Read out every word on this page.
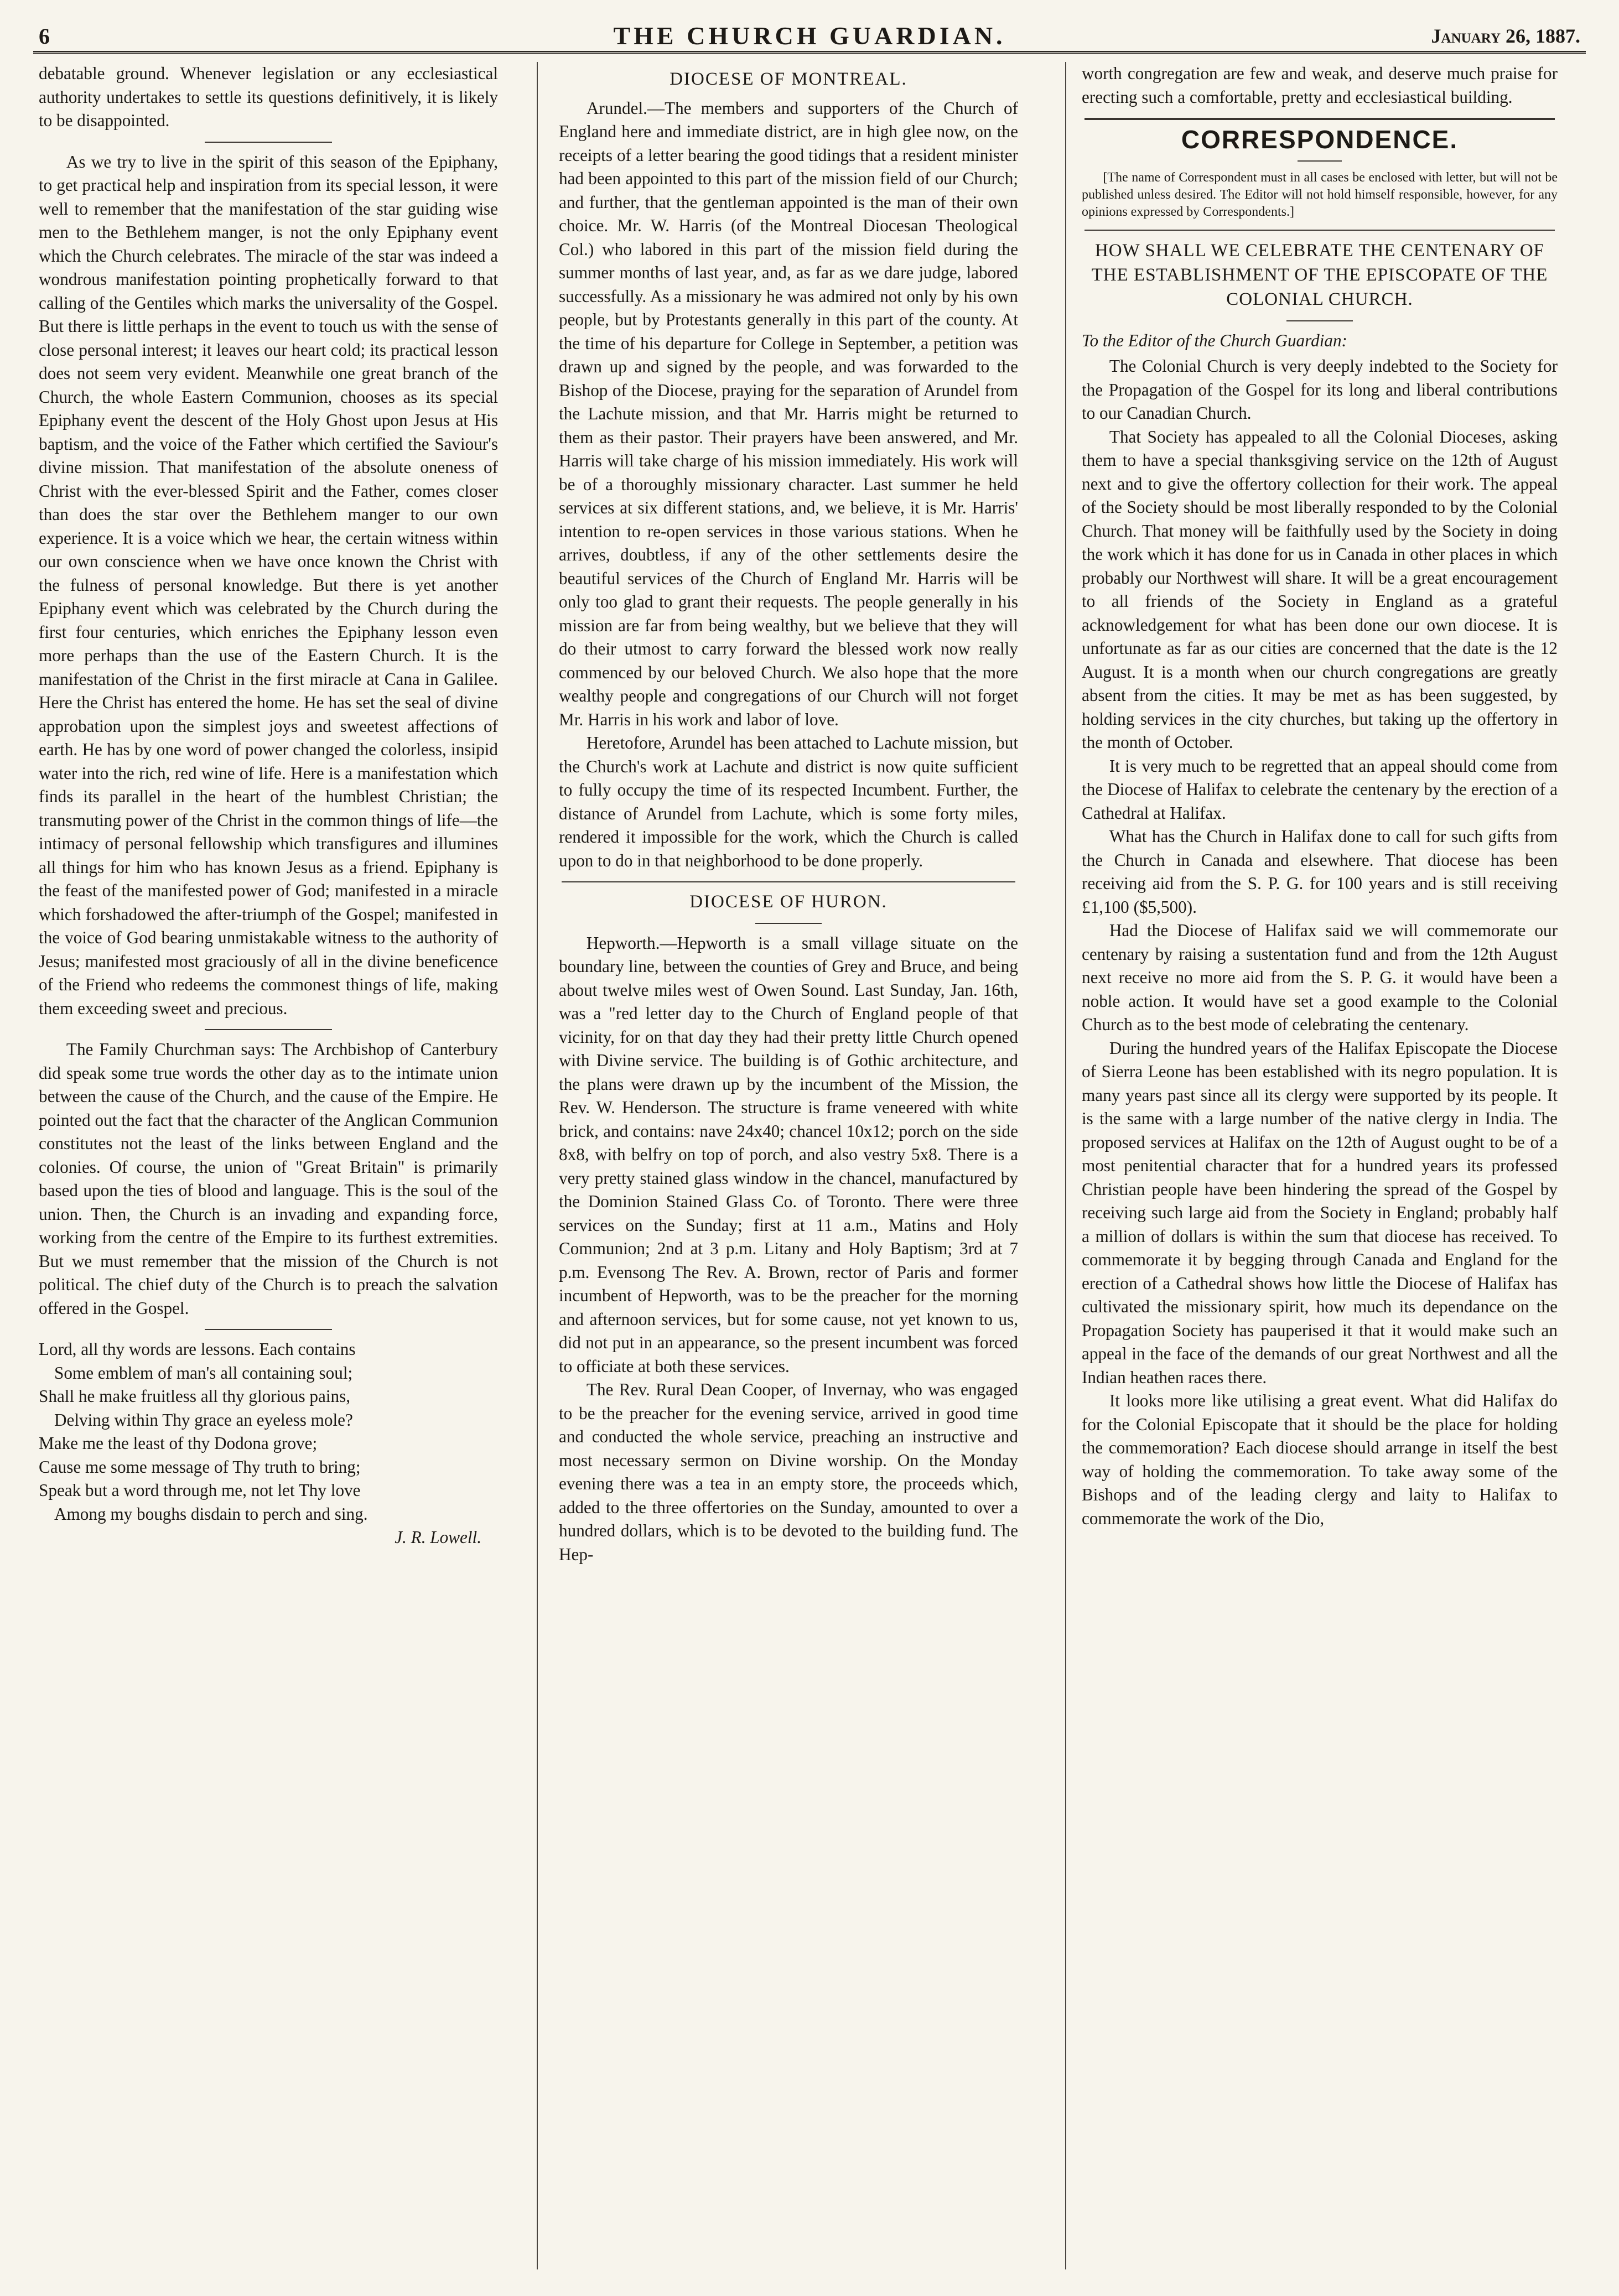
6	THE CHURCH GUARDIAN.	January 26, 1887.

debatable ground. Whenever legislation or any ecclesiastical authority undertakes to settle its questions definitively, it is likely to be disappointed.

As we try to live in the spirit of this season of the Epiphany, to get practical help and inspiration from its special lesson, it were well to remember that the manifestation of the star guiding wise men to the Bethlehem manger, is not the only Epiphany event which the Church celebrates. The miracle of the star was indeed a wondrous manifestation pointing prophetically forward to that calling of the Gentiles which marks the universality of the Gospel. But there is little perhaps in the event to touch us with the sense of close personal interest; it leaves our heart cold; its practical lesson does not seem very evident. Meanwhile one great branch of the Church, the whole Eastern Communion, chooses as its special Epiphany event the descent of the Holy Ghost upon Jesus at His baptism, and the voice of the Father which certified the Saviour's divine mission. That manifestation of the absolute oneness of Christ with the ever-blessed Spirit and the Father, comes closer than does the star over the Bethlehem manger to our own experience. It is a voice which we hear, the certain witness within our own conscience when we have once known the Christ with the fulness of personal knowledge. But there is yet another Epiphany event which was celebrated by the Church during the first four centuries, which enriches the Epiphany lesson even more perhaps than the use of the Eastern Church. It is the manifestation of the Christ in the first miracle at Cana in Galilee. Here the Christ has entered the home. He has set the seal of divine approbation upon the simplest joys and sweetest affections of earth. He has by one word of power changed the colorless, insipid water into the rich, red wine of life. Here is a manifestation which finds its parallel in the heart of the humblest Christian; the transmuting power of the Christ in the common things of life—the intimacy of personal fellowship which transfigures and illumines all things for him who has known Jesus as a friend. Epiphany is the feast of the manifested power of God; manifested in a miracle which forshadowed the after-triumph of the Gospel; manifested in the voice of God bearing unmistakable witness to the authority of Jesus; manifested most graciously of all in the divine beneficence of the Friend who redeems the commonest things of life, making them exceeding sweet and precious.

The Family Churchman says: The Archbishop of Canterbury did speak some true words the other day as to the intimate union between the cause of the Church, and the cause of the Empire. He pointed out the fact that the character of the Anglican Communion constitutes not the least of the links between England and the colonies. Of course, the union of "Great Britain" is primarily based upon the ties of blood and language. This is the soul of the union. Then, the Church is an invading and expanding force, working from the centre of the Empire to its furthest extremities. But we must remember that the mission of the Church is not political. The chief duty of the Church is to preach the salvation offered in the Gospel.

Lord, all thy words are lessons. Each contains
Some emblem of man's all containing soul;
Shall he make fruitless all thy glorious pains,
Delving within Thy grace an eyeless mole?
Make me the least of thy Dodona grove;
Cause me some message of Thy truth to bring;
Speak but a word through me, not let Thy love
Among my boughs disdain to perch and sing.
J. R. Lowell.
DIOCESE OF MONTREAL.

Arundel.—The members and supporters of the Church of England here and immediate district, are in high glee now, on the receipts of a letter bearing the good tidings that a resident minister had been appointed to this part of the mission field of our Church; and further, that the gentleman appointed is the man of their own choice. Mr. W. Harris (of the Montreal Diocesan Theological Col.) who labored in this part of the mission field during the summer months of last year, and, as far as we dare judge, labored successfully. As a missionary he was admired not only by his own people, but by Protestants generally in this part of the county. At the time of his departure for College in September, a petition was drawn up and signed by the people, and was forwarded to the Bishop of the Diocese, praying for the separation of Arundel from the Lachute mission, and that Mr. Harris might be returned to them as their pastor. Their prayers have been answered, and Mr. Harris will take charge of his mission immediately. His work will be of a thoroughly missionary character. Last summer he held services at six different stations, and, we believe, it is Mr. Harris' intention to re-open services in those various stations. When he arrives, doubtless, if any of the other settlements desire the beautiful services of the Church of England Mr. Harris will be only too glad to grant their requests. The people generally in his mission are far from being wealthy, but we believe that they will do their utmost to carry forward the blessed work now really commenced by our beloved Church. We also hope that the more wealthy people and congregations of our Church will not forget Mr. Harris in his work and labor of love.

Heretofore, Arundel has been attached to Lachute mission, but the Church's work at Lachute and district is now quite sufficient to fully occupy the time of its respected Incumbent. Further, the distance of Arundel from Lachute, which is some forty miles, rendered it impossible for the work, which the Church is called upon to do in that neighborhood to be done properly.

DIOCESE OF HURON.

Hepworth.—Hepworth is a small village situate on the boundary line, between the counties of Grey and Bruce, and being about twelve miles west of Owen Sound. Last Sunday, Jan. 16th, was a "red letter day to the Church of England people of that vicinity, for on that day they had their pretty little Church opened with Divine service. The building is of Gothic architecture, and the plans were drawn up by the incumbent of the Mission, the Rev. W. Henderson. The structure is frame veneered with white brick, and contains: nave 24x40; chancel 10x12; porch on the side 8x8, with belfry on top of porch, and also vestry 5x8. There is a very pretty stained glass window in the chancel, manufactured by the Dominion Stained Glass Co. of Toronto. There were three services on the Sunday; first at 11 a.m., Matins and Holy Communion; 2nd at 3 p.m. Litany and Holy Baptism; 3rd at 7 p.m. Evensong The Rev. A. Brown, rector of Paris and former incumbent of Hepworth, was to be the preacher for the morning and afternoon services, but for some cause, not yet known to us, did not put in an appearance, so the present incumbent was forced to officiate at both these services.

The Rev. Rural Dean Cooper, of Invernay, who was engaged to be the preacher for the evening service, arrived in good time and conducted the whole service, preaching an instructive and most necessary sermon on Divine worship. On the Monday evening there was a tea in an empty store, the proceeds which, added to the three offertories on the Sunday, amounted to over a hundred dollars, which is to be devoted to the building fund. The Hep-

worth congregation are few and weak, and deserve much praise for erecting such a comfortable, pretty and ecclesiastical building.

CORRESPONDENCE.

[The name of Correspondent must in all cases be enclosed with letter, but will not be published unless desired. The Editor will not hold himself responsible, however, for any opinions expressed by Correspondents.]

HOW SHALL WE CELEBRATE THE CENTENARY OF THE ESTABLISHMENT OF THE EPISCOPATE OF THE COLONIAL CHURCH.

To the Editor of the Church Guardian:

The Colonial Church is very deeply indebted to the Society for the Propagation of the Gospel for its long and liberal contributions to our Canadian Church.

That Society has appealed to all the Colonial Dioceses, asking them to have a special thanksgiving service on the 12th of August next and to give the offertory collection for their work. The appeal of the Society should be most liberally responded to by the Colonial Church. That money will be faithfully used by the Society in doing the work which it has done for us in Canada in other places in which probably our Northwest will share. It will be a great encouragement to all friends of the Society in England as a grateful acknowledgement for what has been done our own diocese. It is unfortunate as far as our cities are concerned that the date is the 12 August. It is a month when our church congregations are greatly absent from the cities. It may be met as has been suggested, by holding services in the city churches, but taking up the offertory in the month of October.

It is very much to be regretted that an appeal should come from the Diocese of Halifax to celebrate the centenary by the erection of a Cathedral at Halifax.

What has the Church in Halifax done to call for such gifts from the Church in Canada and elsewhere. That diocese has been receiving aid from the S. P. G. for 100 years and is still receiving £1,100 ($5,500).

Had the Diocese of Halifax said we will commemorate our centenary by raising a sustentation fund and from the 12th August next receive no more aid from the S. P. G. it would have been a noble action. It would have set a good example to the Colonial Church as to the best mode of celebrating the centenary.

During the hundred years of the Halifax Episcopate the Diocese of Sierra Leone has been established with its negro population. It is many years past since all its clergy were supported by its people. It is the same with a large number of the native clergy in India. The proposed services at Halifax on the 12th of August ought to be of a most penitential character that for a hundred years its professed Christian people have been hindering the spread of the Gospel by receiving such large aid from the Society in England; probably half a million of dollars is within the sum that diocese has received. To commemorate it by begging through Canada and England for the erection of a Cathedral shows how little the Diocese of Halifax has cultivated the missionary spirit, how much its dependance on the Propagation Society has pauperised it that it would make such an appeal in the face of the demands of our great Northwest and all the Indian heathen races there.

It looks more like utilising a great event. What did Halifax do for the Colonial Episcopate that it should be the place for holding the commemoration? Each diocese should arrange in itself the best way of holding the commemoration. To take away some of the Bishops and of the leading clergy and laity to Halifax to commemorate the work of the Dio,
